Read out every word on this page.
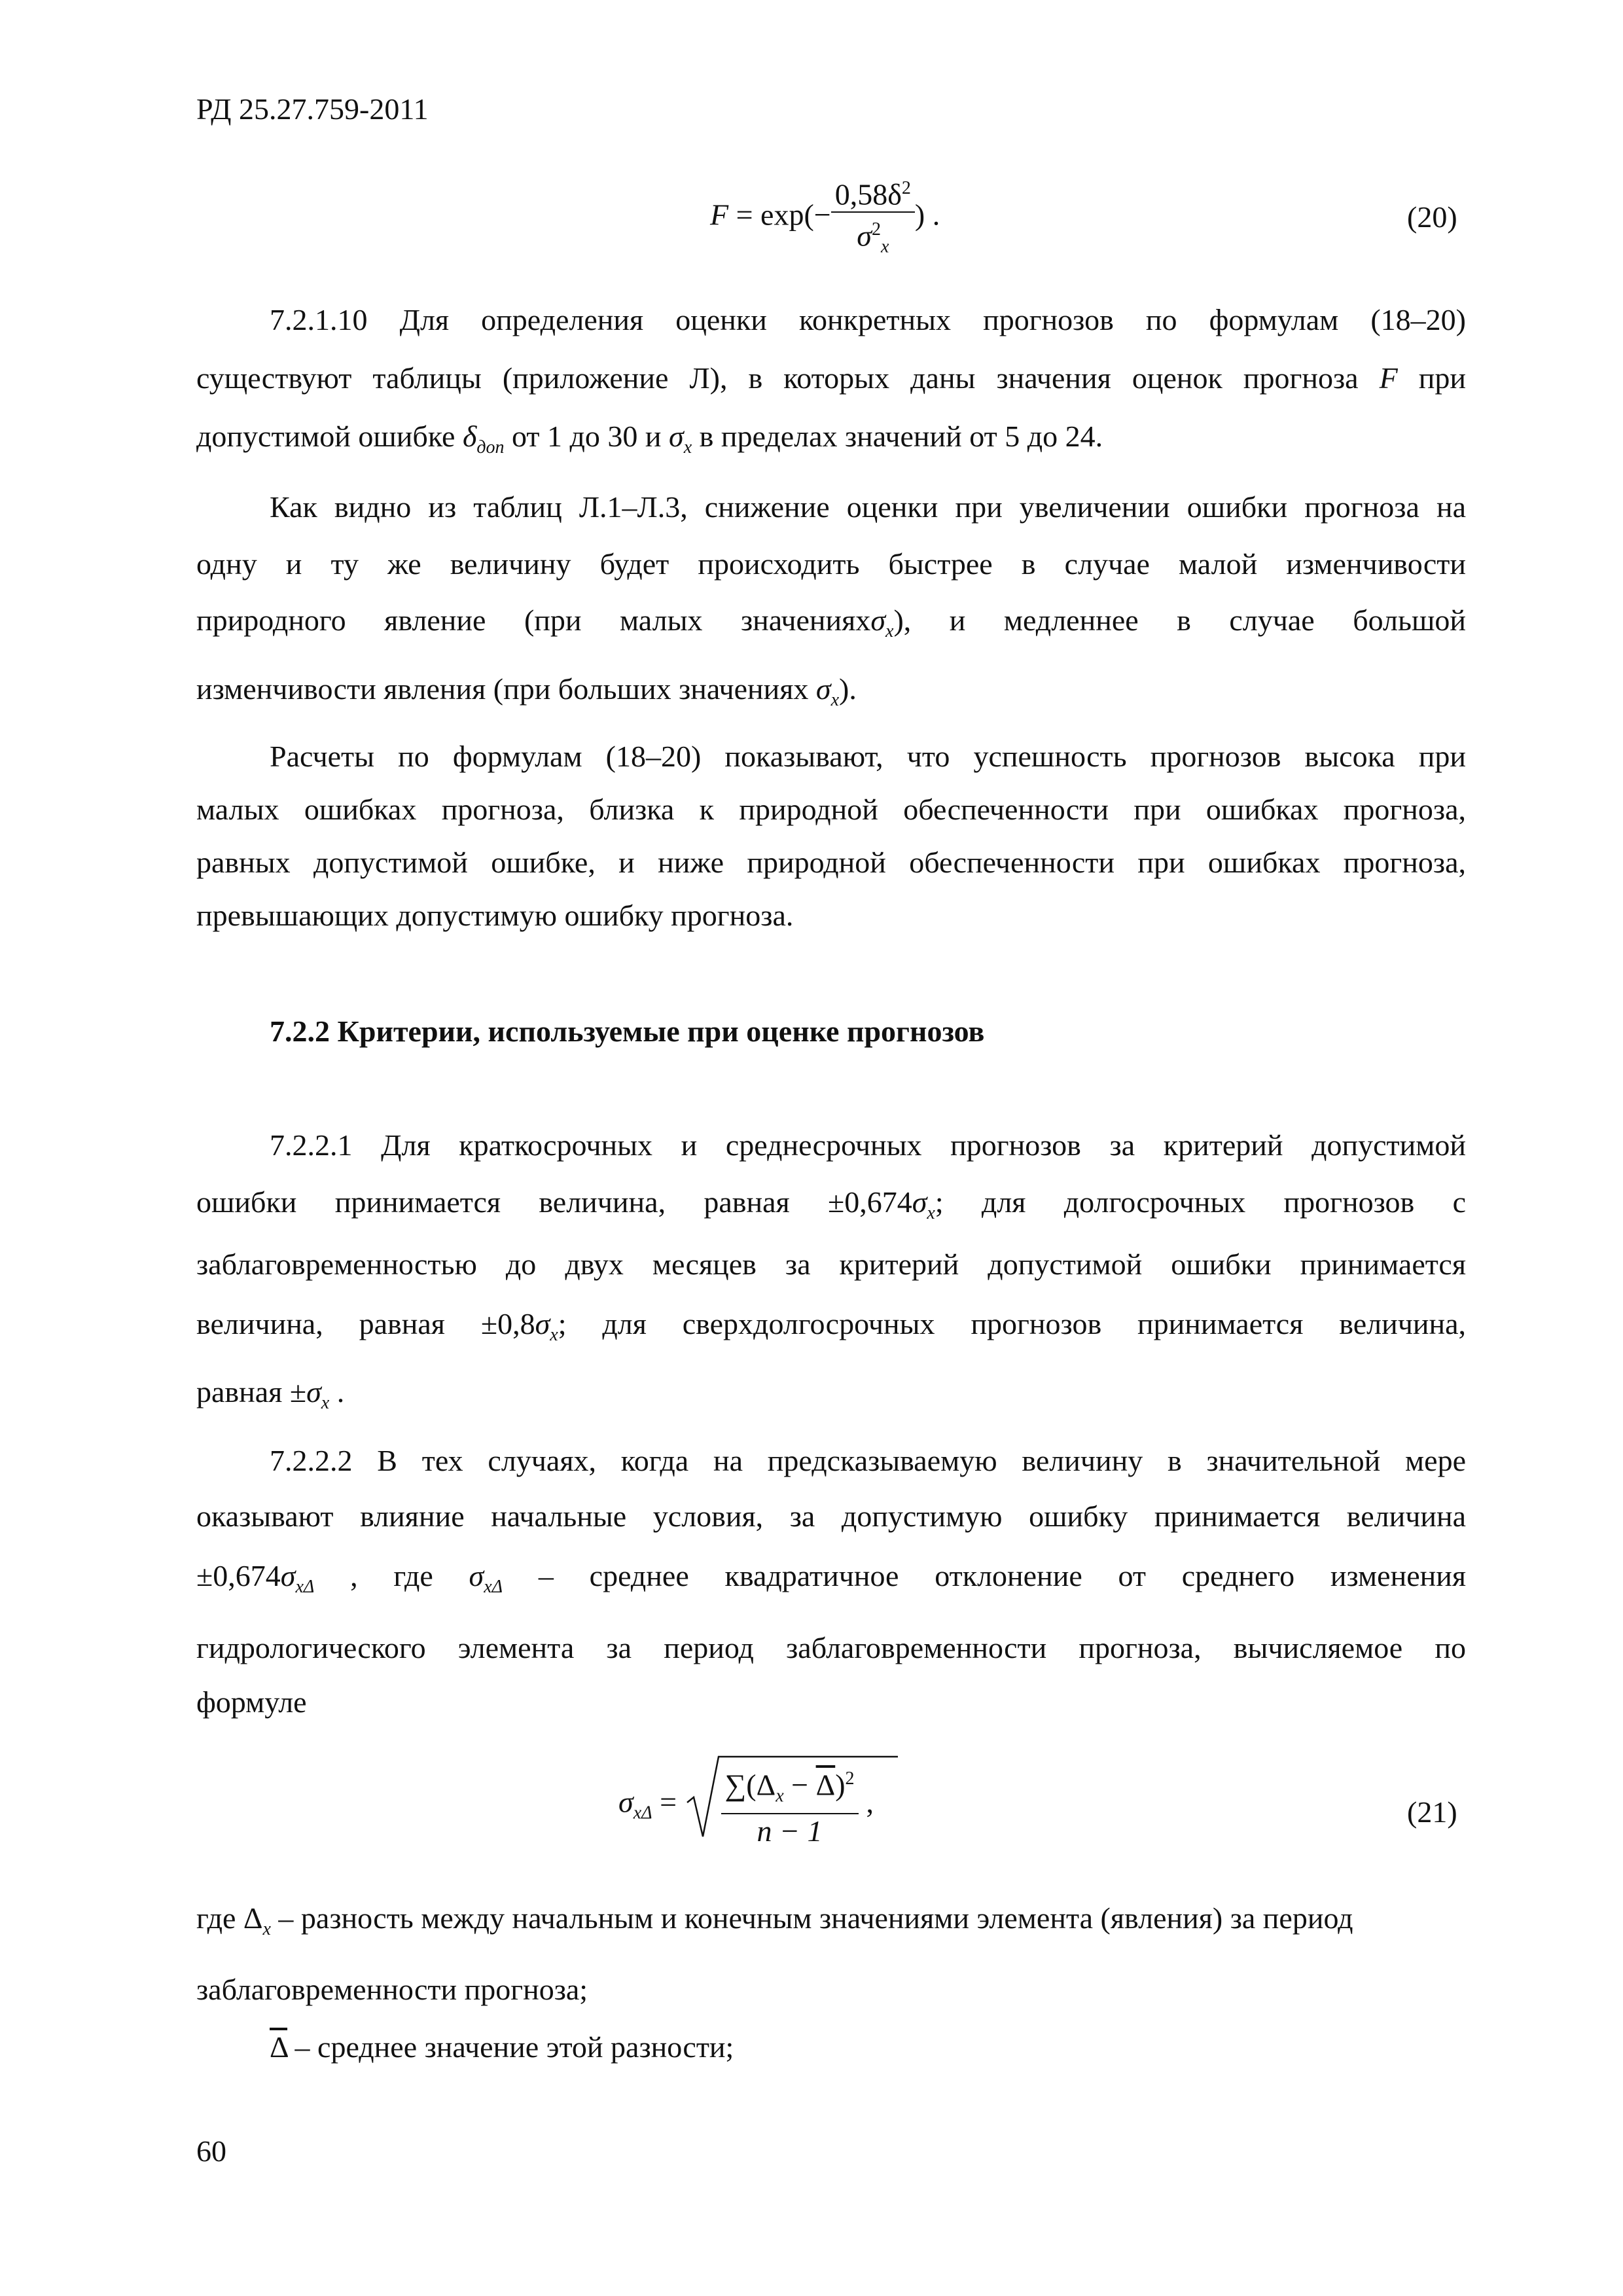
РД 25.27.759-2011
$F = \exp(- \frac{0,58\delta^2}{\sigma^2_x}$ ) .	(20)
7.2.1.10 Для определения оценки конкретных прогнозов по формулам (18–20)
существуют таблицы (приложение Л), в которых даны значения оценок прогноза F при
допустимой ошибке $\delta_{доп}$ от 1 до 30 и $\sigma_x$ в пределах значений от 5 до 24.
Как видно из таблиц Л.1–Л.3, снижение оценки при увеличении ошибки прогноза на
одну и ту же величину будет происходить быстрее в случае малой изменчивости
природного явление (при малых значенияхσ$_x$), и медленнее в случае большой
изменчивости явления (при больших значениях $\sigma_x$).
Расчеты по формулам (18–20) показывают, что успешность прогнозов высока при
малых ошибках прогноза, близка к природной обеспеченности при ошибках прогноза,
равных допустимой ошибке, и ниже природной обеспеченности при ошибках прогноза,
превышающих допустимую ошибку прогноза.
7.2.2 Критерии, используемые при оценке прогнозов
7.2.2.1 Для краткосрочных и среднесрочных прогнозов за критерий допустимой
ошибки принимается величина, равная $\pm 0,674\sigma_x$; для долгосрочных прогнозов с
заблаговременностью до двух месяцев за критерий допустимой ошибки принимается
величина, равная $\pm 0,8\sigma_x$; для сверхдолгосрочных прогнозов принимается величина,
равная $\pm\sigma_x$ .
7.2.2.2 В тех случаях, когда на предсказываемую величину в значительной мере
оказывают влияние начальные условия, за допустимую ошибку принимается величина
$\pm 0,674\sigma_{x\Delta}$ , где $\sigma_{x\Delta}$ – среднее квадратичное отклонение от среднего изменения
гидрологического элемента за период заблаговременности прогноза, вычисляемое по
формуле
$\sigma_{x\Delta} = \frac{\sum(\Delta_x - \overline{\Delta})^2}{n - 1}$ ,	(21)
где $\Delta_x$ – разность между начальным и конечным значениями элемента (явления) за период
заблаговременности прогноза;
$\overline{\Delta}$ – среднее значение этой разности;
60
